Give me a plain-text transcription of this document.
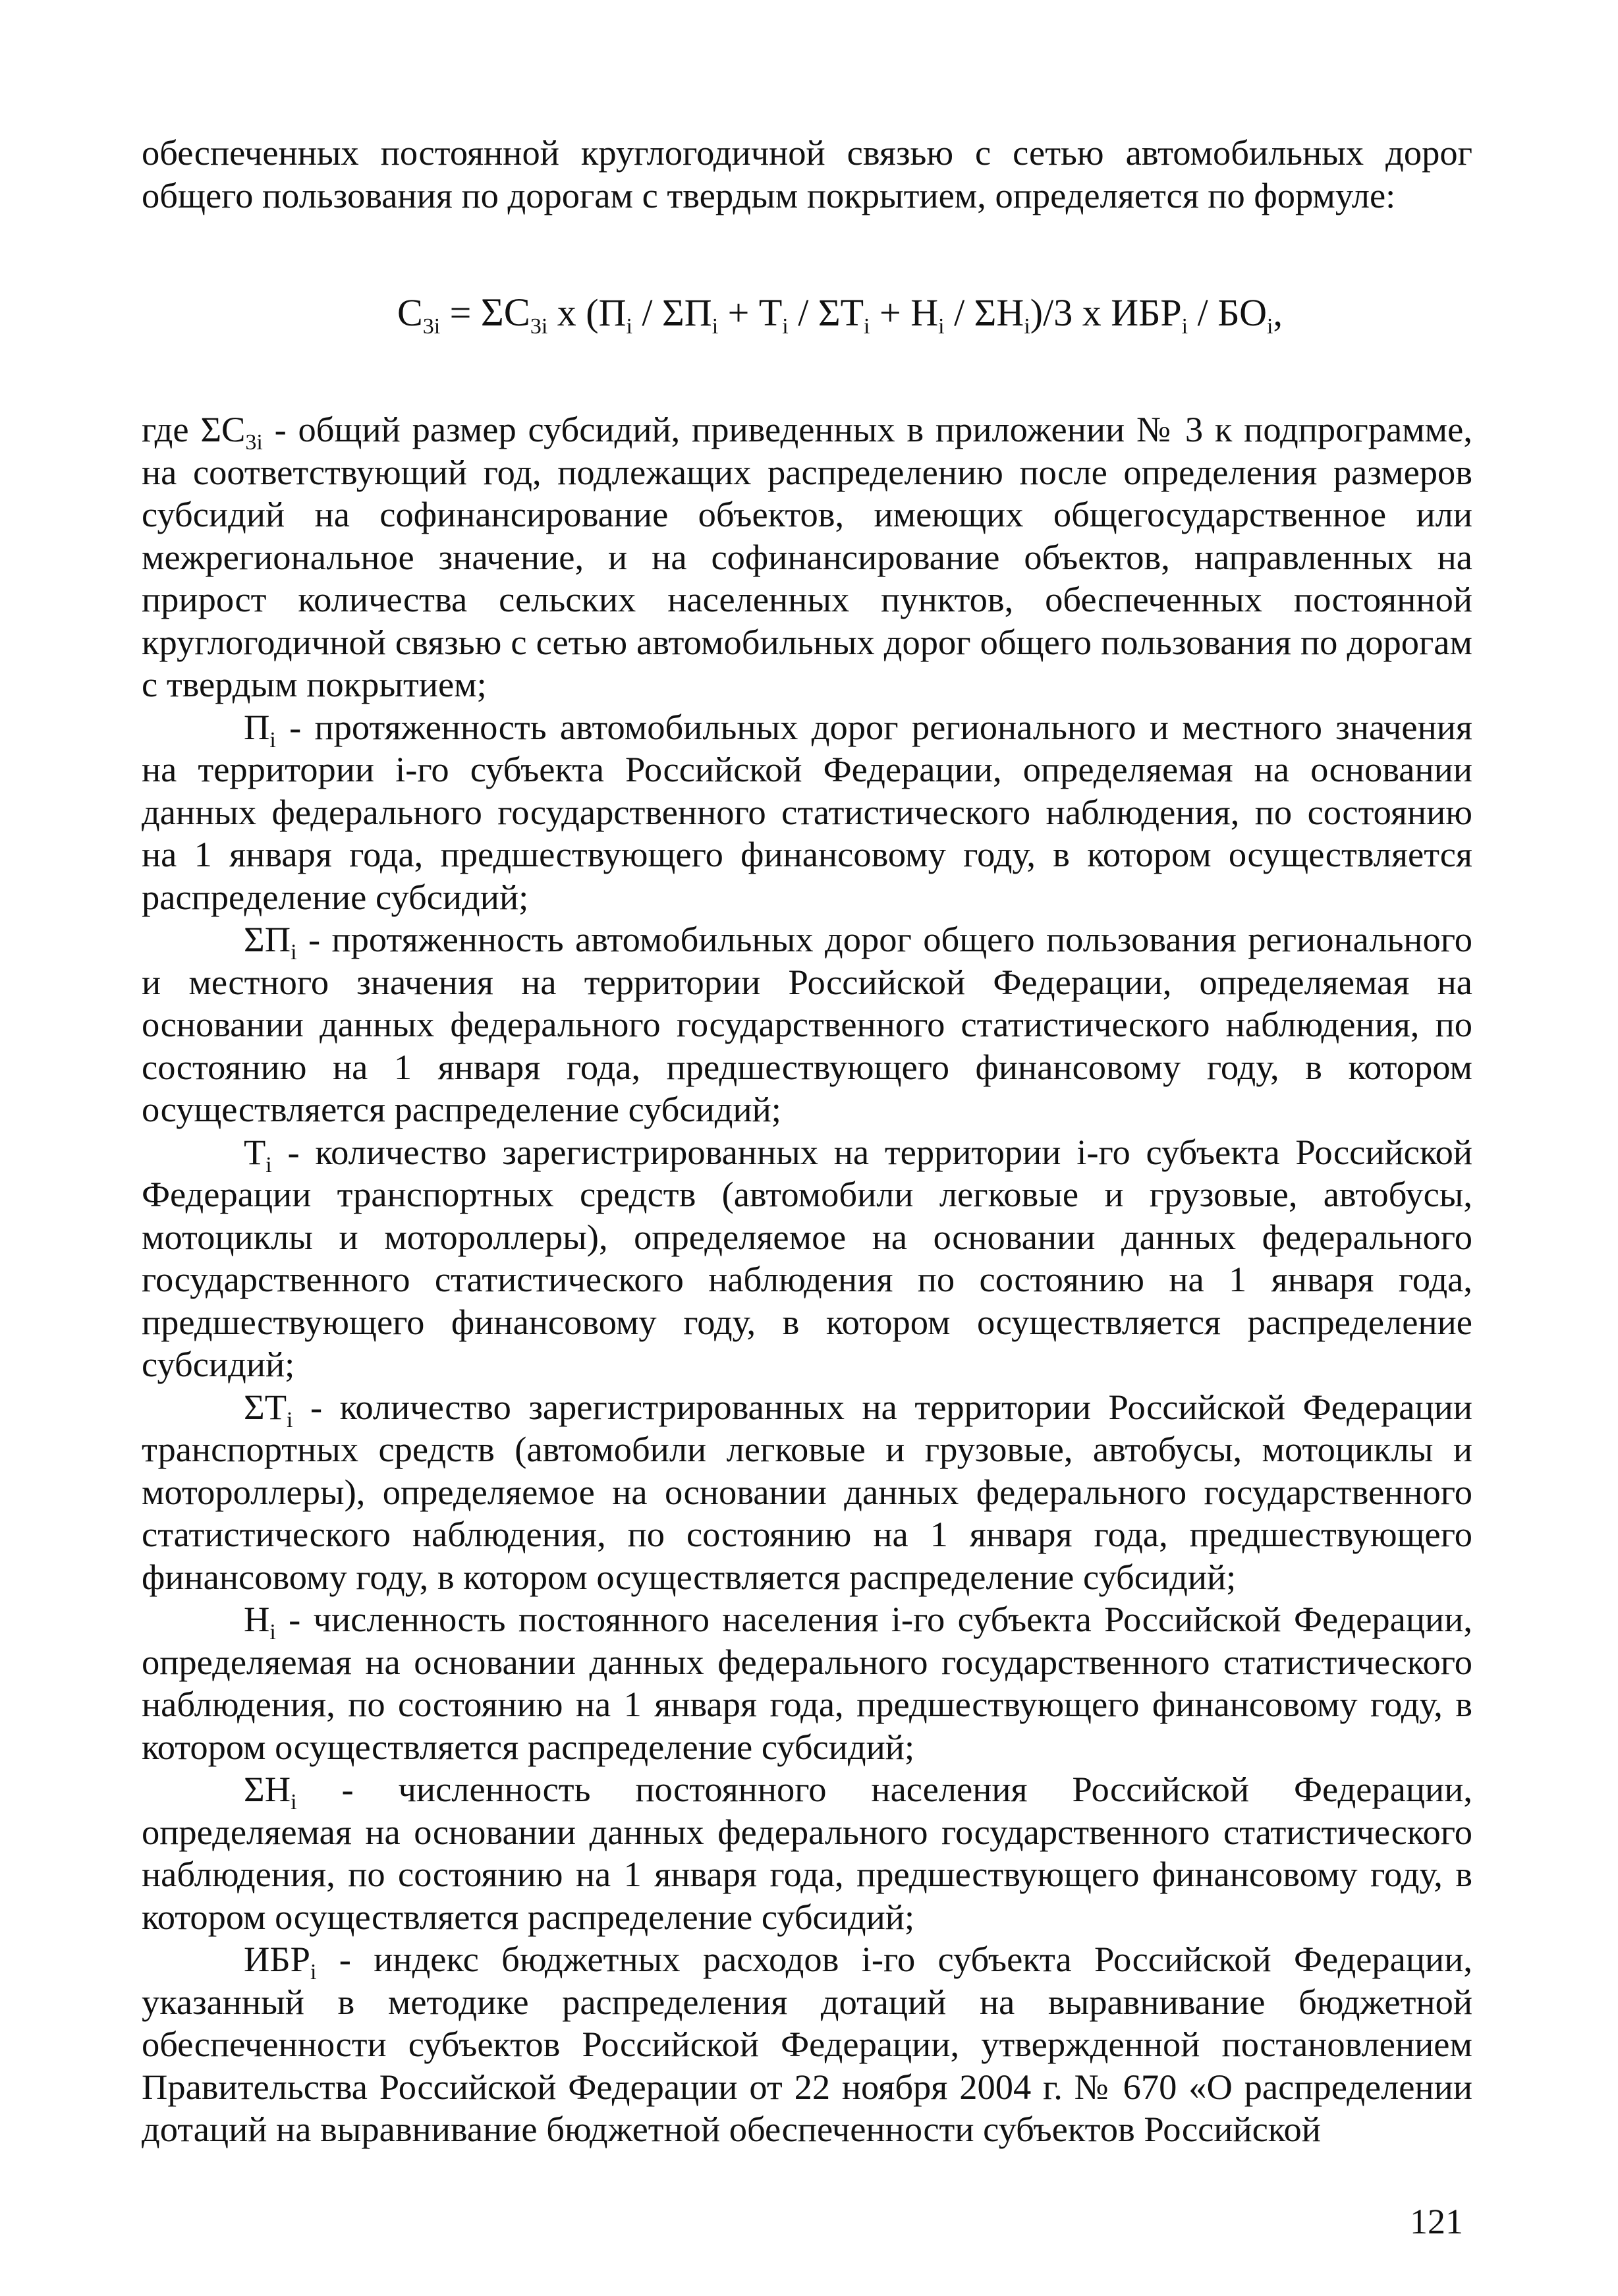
обеспеченных постоянной круглогодичной связью с сетью автомобильных дорог общего пользования по дорогам с твердым покрытием, определяется по формуле:

$C_{3i} = \Sigma C_{3i}$ х $(П_i / \Sigma П_i + Т_i / \Sigma Т_i + Н_i / \Sigma Н_i)/3$ х $ИБР_i / БО_i$,

где $\Sigma С_{3i}$ - общий размер субсидий, приведенных в приложении № 3 к подпрограмме, на соответствующий год, подлежащих распределению после определения размеров субсидий на софинансирование объектов, имеющих общегосударственное или межрегиональное значение, и на софинансирование объектов, направленных на прирост количества сельских населенных пунктов, обеспеченных постоянной круглогодичной связью с сетью автомобильных дорог общего пользования по дорогам с твердым покрытием;

$П_i$ - протяженность автомобильных дорог регионального и местного значения на территории i-го субъекта Российской Федерации, определяемая на основании данных федерального государственного статистического наблюдения, по состоянию на 1 января года, предшествующего финансовому году, в котором осуществляется распределение субсидий;

$\Sigma П_i$ - протяженность автомобильных дорог общего пользования регионального и местного значения на территории Российской Федерации, определяемая на основании данных федерального государственного статистического наблюдения, по состоянию на 1 января года, предшествующего финансовому году, в котором осуществляется распределение субсидий;

$Т_i$ - количество зарегистрированных на территории i-го субъекта Российской Федерации транспортных средств (автомобили легковые и грузовые, автобусы, мотоциклы и мотороллеры), определяемое на основании данных федерального государственного статистического наблюдения по состоянию на 1 января года, предшествующего финансовому году, в котором осуществляется распределение субсидий;

$\Sigma Т_i$ - количество зарегистрированных на территории Российской Федерации транспортных средств (автомобили легковые и грузовые, автобусы, мотоциклы и мотороллеры), определяемое на основании данных федерального государственного статистического наблюдения, по состоянию на 1 января года, предшествующего финансовому году, в котором осуществляется распределение субсидий;

$Н_i$ - численность постоянного населения i-го субъекта Российской Федерации, определяемая на основании данных федерального государственного статистического наблюдения, по состоянию на 1 января года, предшествующего финансовому году, в котором осуществляется распределение субсидий;

$\Sigma Н_i$ - численность постоянного населения Российской Федерации, определяемая на основании данных федерального государственного статистического наблюдения, по состоянию на 1 января года, предшествующего финансовому году, в котором осуществляется распределение субсидий;

$ИБР_i$ - индекс бюджетных расходов i-го субъекта Российской Федерации, указанный в методике распределения дотаций на выравнивание бюджетной обеспеченности субъектов Российской Федерации, утвержденной постановлением Правительства Российской Федерации от 22 ноября 2004 г. № 670 «О распределении дотаций на выравнивание бюджетной обеспеченности субъектов Российской

121
